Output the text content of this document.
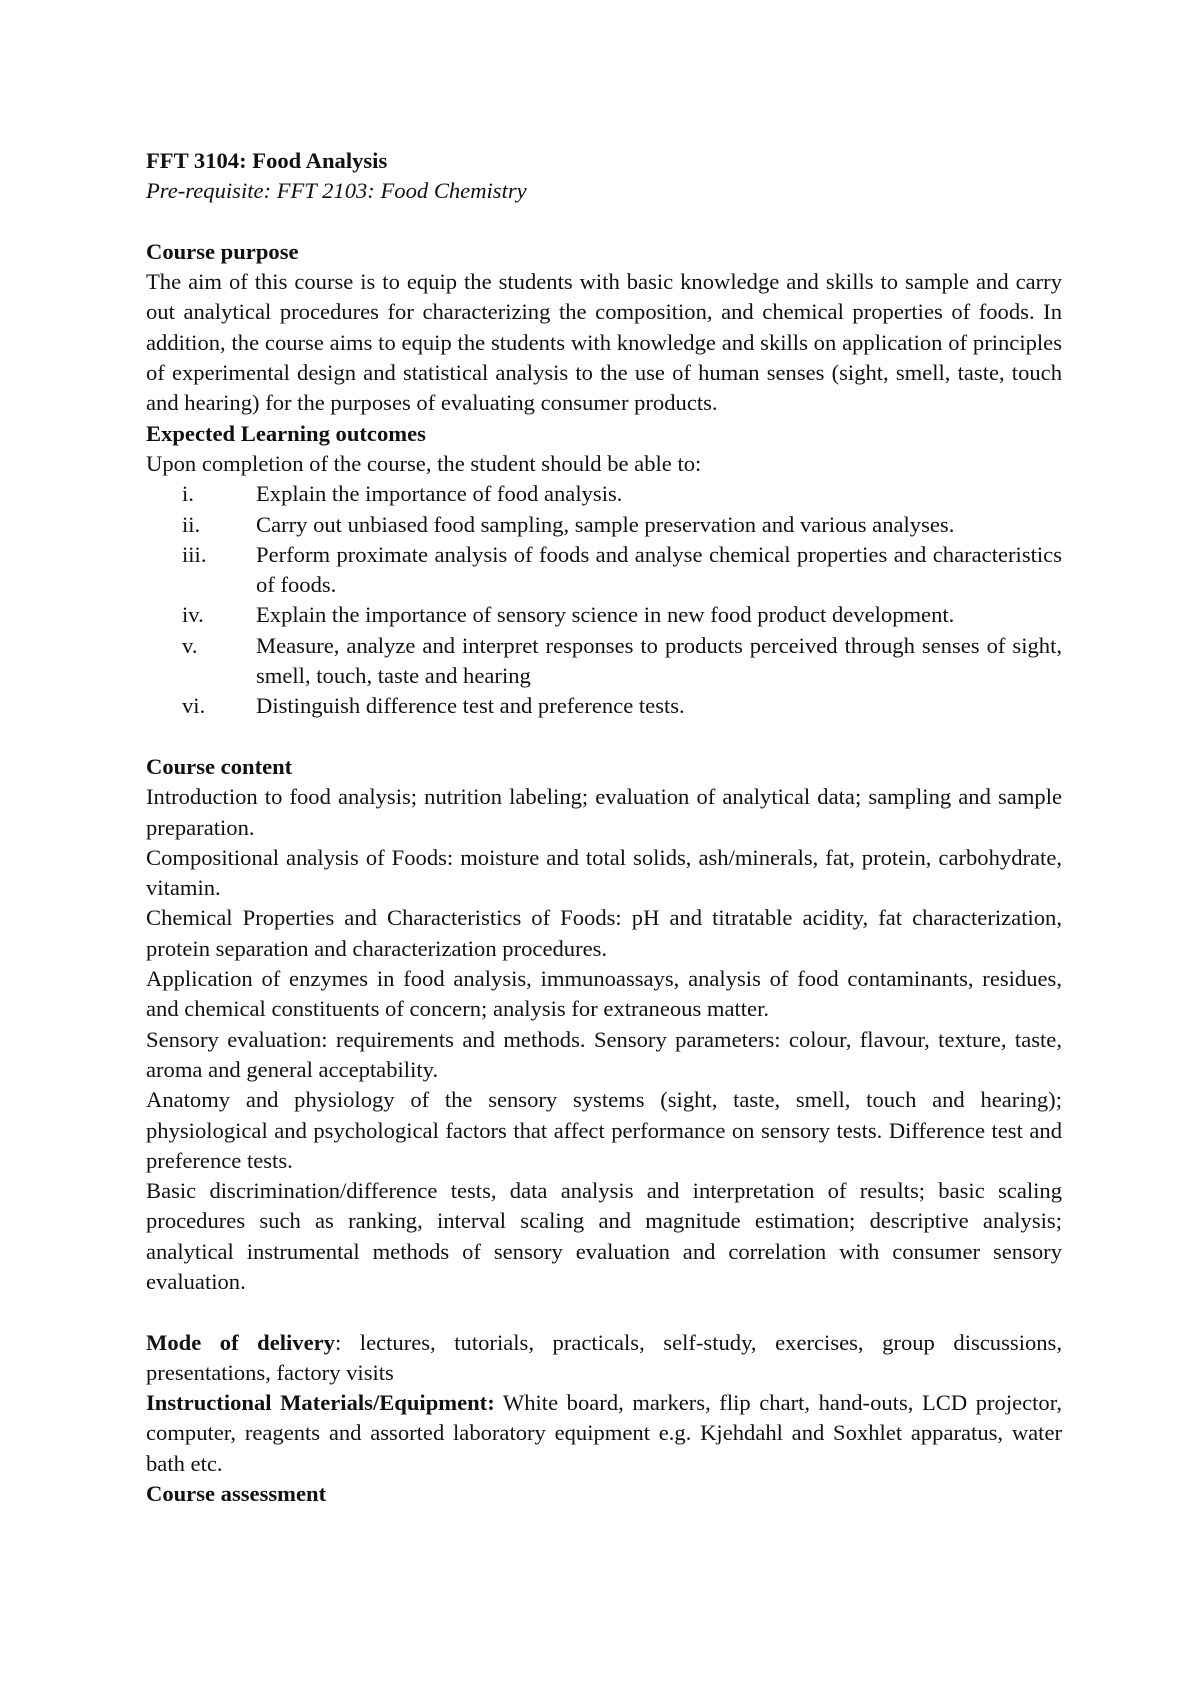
FFT 3104: Food Analysis

Pre-requisite: FFT 2103: Food Chemistry

Course purpose

The aim of this course is to equip the students with basic knowledge and skills to sample and carry out analytical procedures for characterizing the composition, and chemical properties of foods. In addition, the course aims to equip the students with knowledge and skills on application of principles of experimental design and statistical analysis to the use of human senses (sight, smell, taste, touch and hearing) for the purposes of evaluating consumer products.

Expected Learning outcomes

Upon completion of the course, the student should be able to:

i.	Explain the importance of food analysis.
ii. Carry out unbiased food sampling, sample preservation and various analyses.
iii. Perform proximate analysis of foods and analyse chemical properties and characteristics of foods.
iv. Explain the importance of sensory science in new food product development.
v.	Measure, analyze and interpret responses to products perceived through senses of sight, smell, touch, taste and hearing
vi. Distinguish difference test and preference tests.

Course content

Introduction to food analysis; nutrition labeling; evaluation of analytical data; sampling and sample preparation.

Compositional analysis of Foods: moisture and total solids, ash/minerals, fat, protein, carbohydrate, vitamin.

Chemical Properties and Characteristics of Foods: pH and titratable acidity, fat characterization, protein separation and characterization procedures.

Application of enzymes in food analysis, immunoassays, analysis of food contaminants, residues, and chemical constituents of concern; analysis for extraneous matter.

Sensory evaluation: requirements and methods. Sensory parameters: colour, flavour, texture, taste, aroma and general acceptability.

Anatomy and physiology of the sensory systems (sight, taste, smell, touch and hearing); physiological and psychological factors that affect performance on sensory tests. Difference test and preference tests.

Basic discrimination/difference tests, data analysis and interpretation of results; basic scaling procedures such as ranking, interval scaling and magnitude estimation; descriptive analysis; analytical instrumental methods of sensory evaluation and correlation with consumer sensory evaluation.

Mode of delivery: lectures, tutorials, practicals, self-study, exercises, group discussions, presentations, factory visits

Instructional Materials/Equipment: White board, markers, flip chart, hand-outs, LCD projector, computer, reagents and assorted laboratory equipment e.g. Kjehdahl and Soxhlet apparatus, water bath etc.

Course assessment
